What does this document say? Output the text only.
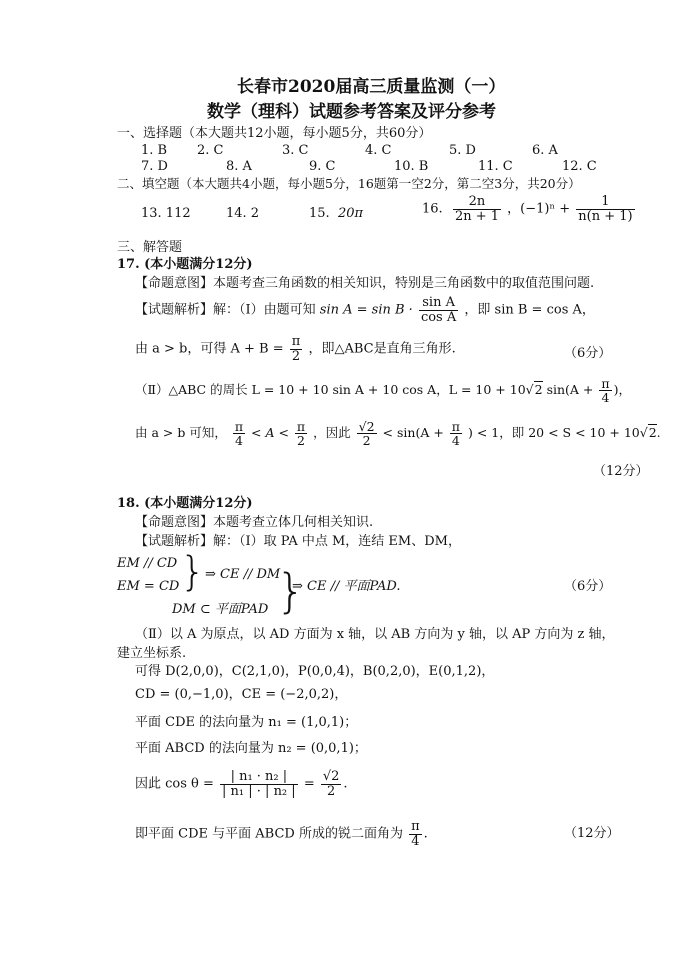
长春市2020届高三质量监测（一）
数学（理科）试题参考答案及评分参考
一、选择题（本大题共12小题，每小题5分，共60分）
1. B 2. C	3. C	4. C	5. D	6. A
7. D	8. A	9. C	10. B	11. C	12. C
二、填空题（本大题共4小题，每小题5分，16题第一空2分，第二空3分，共20分）
13. 112	14. 2	15. 20π	16. $\frac{2n}{2n + 1}$ ，$(-1)^n + \frac{1}{n(n + 1)}$
三、解答题
17. (本小题满分12分)
【命题意图】本题考查三角函数的相关知识，特别是三角函数中的取值范围问题.
【试题解析】解：（Ⅰ）由题可知 $\sin A = \sin B \cdot \frac{\text{sin A}}{\text{cos A}}$ ，即 sin B = cos A，
由 a > b，可得 $A + B = \frac{\pi}{2}$ ，即△ABC是直角三角形.	（6分）
（Ⅱ）△ABC 的周长 L = 10 + 10 sin A + 10 cos A，L = 10 + 10√2 $\sin(A + \frac{\pi}{4}$ )，
由 a > b 可知， $\frac{\pi}{4} < A < \frac{\pi}{2}$ ，因此 $\frac{√2}{2} < \sin(A + \frac{\pi}{4}$ ) < 1，即 20 < S < 10 + 10√2.
（12分）
18. (本小题满分12分)
【命题意图】本题考查立体几何相关知识.
【试题解析】解：（Ⅰ）取 PA 中点 M，连结 EM、DM，
EM // CD
EM = CD } ⇒ CE // DM
DM ⊂ 平面PAD }
⇒ CE // 平面PAD.	（6分）
（Ⅱ）以 A 为原点，以 AD 方面为 x 轴，以 AB 方向为 y 轴，以 AP 方向为 z 轴，
建立坐标系.
可得 D(2,0,0)，C(2,1,0)，P(0,0,4)，B(0,2,0)，E(0,1,2)，
CD = (0,−1,0)，CE = (−2,0,2)，
平面 CDE 的法向量为 n₁ = (1,0,1)；
平面 ABCD 的法向量为 n₂ = (0,0,1)；
因此 $\cos \theta = \frac{\text{| n₁ · n₂ |}}{\text{| n₁ | · | n₂ |}} = \frac{√2}{2}$ .
即平面 CDE 与平面 ABCD 所成的锐二面角为 $\frac{\pi}{4}$ .	（12分）
